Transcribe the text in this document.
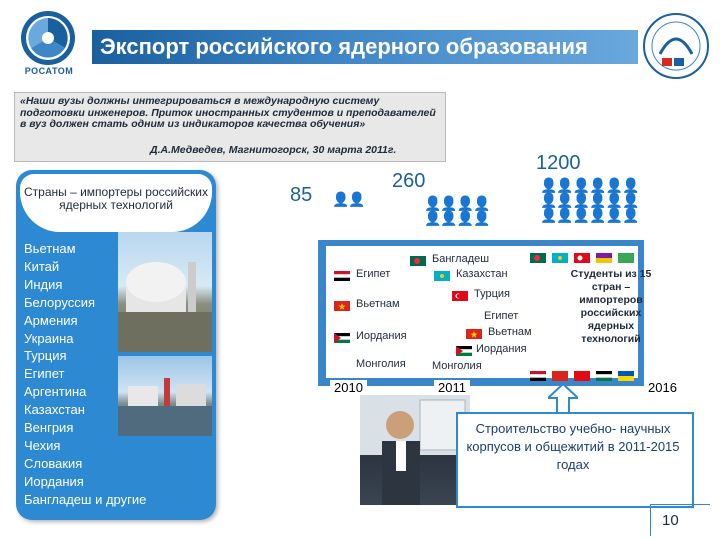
Экспорт российского ядерного образования
РОСАТОМ
«Наши вузы должны интегрироваться в международную систему подготовки инженеров. Приток иностранных студентов и преподавателей в вуз должен стать одним из индикаторов качества обучения»
Д.А.Медведев, Магнитогорск, 30 марта 2011г.
Страны – импортеры российских ядерных технологий
Вьетнам
Китай
Индия
Белоруссия
Армения
Украина
Турция
Египет
Аргентина
Казахстан
Венгрия
Чехия
Словакия
Иордания
Бангладеш и другие
85 👤👤
260
👤👤👤👤
👤👤👤👤
1200
👤👤👤👤👤👤
👤👤👤👤👤👤
👤👤👤👤👤👤
Египет
Вьетнам
Иордания
Монголия
Бангладеш
Казахстан
Турция
Египет
Вьетнам
Иордания
Монголия
2010	2011	2016
Студенты из 15 стран – импортеров российских ядерных технологий
Строительство учебно- научных корпусов и общежитий в 2011-2015 годах
10
